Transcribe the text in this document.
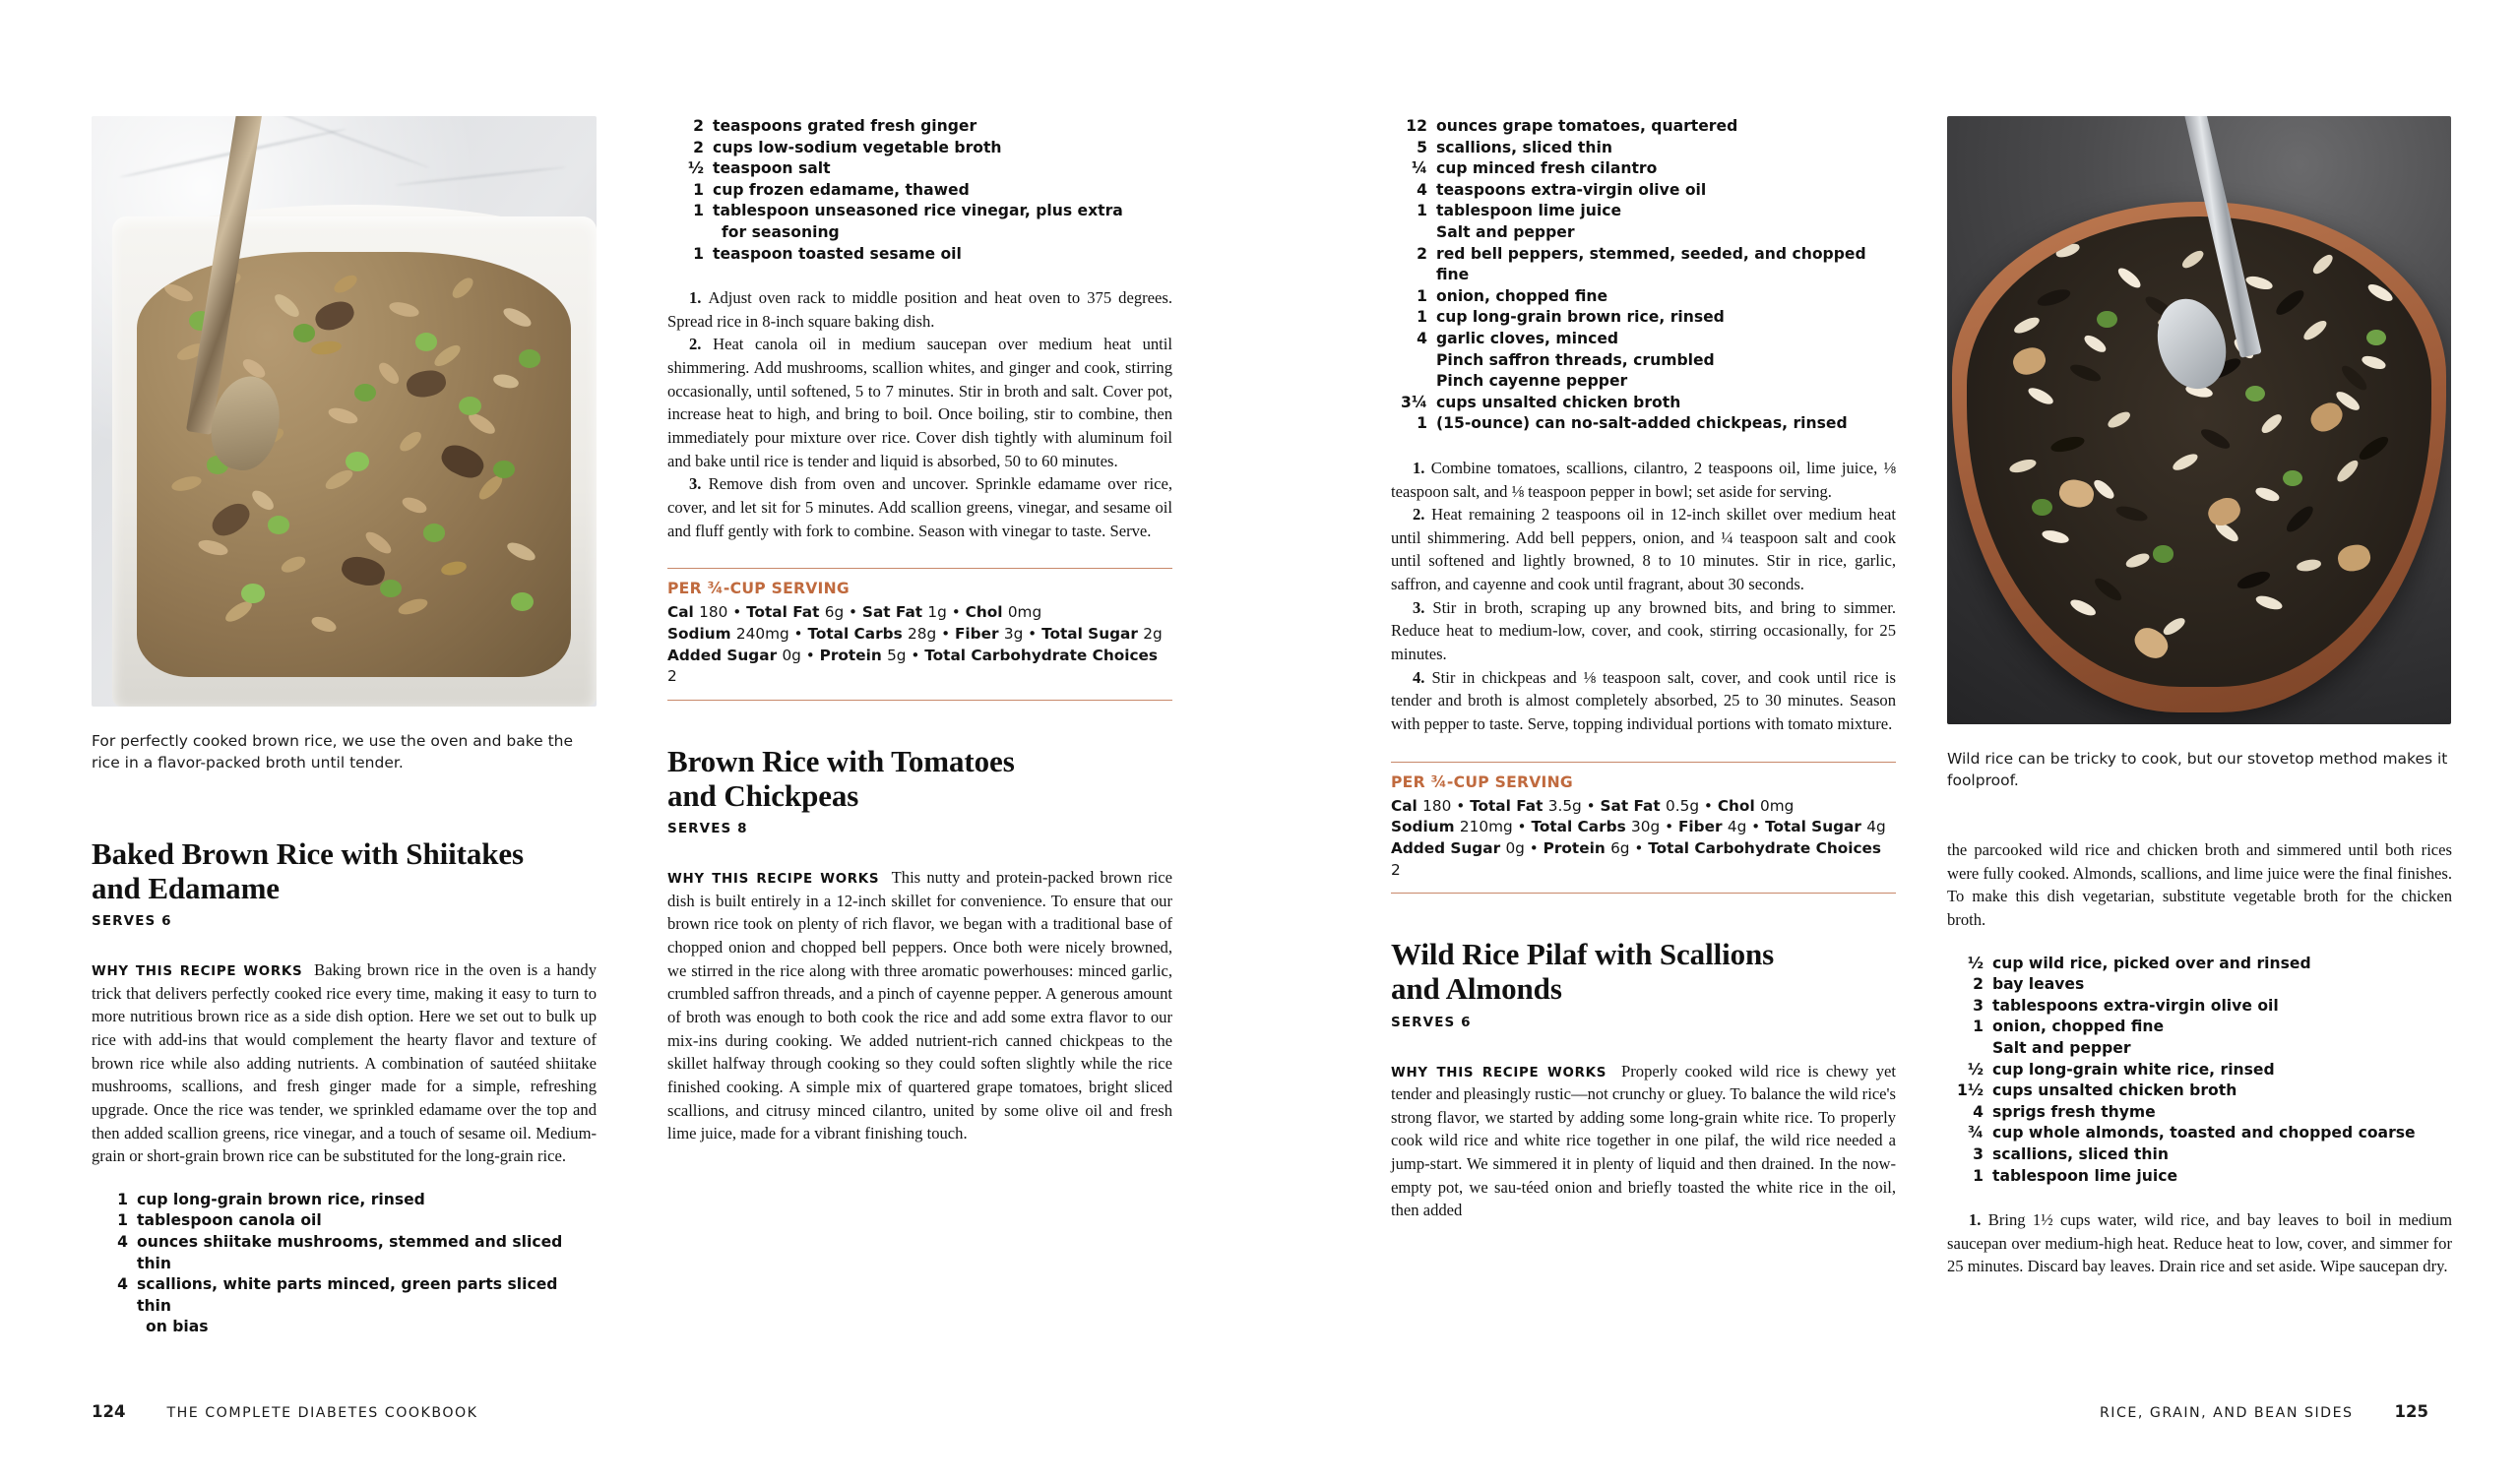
For perfectly cooked brown rice, we use the oven and bake the rice in a flavor-packed broth until tender.	Wild rice can be tricky to cook, but our stovetop method makes it foolproof.
Baked Brown Rice with Shiitakes
and Edamame
SERVES 6

WHY THIS RECIPE WORKS Baking brown rice in the oven is a handy trick that delivers perfectly cooked rice every time, making it easy to turn to more nutritious brown rice as a side dish option. Here we set out to bulk up rice with add-ins that would complement the hearty flavor and texture of brown rice while also adding nutrients. A combination of sautéed shiitake mushrooms, scallions, and fresh ginger made for a simple, refreshing upgrade. Once the rice was tender, we sprinkled edamame over the top and then added scallion greens, rice vinegar, and a touch of sesame oil. Medium-grain or short-grain brown rice can be substituted for the long-grain rice.

1 cup long-grain brown rice, rinsed
1 tablespoon canola oil
4 ounces shiitake mushrooms, stemmed and sliced thin
4 scallions, white parts minced, green parts sliced thin
on bias
2 teaspoons grated fresh ginger
2 cups low-sodium vegetable broth
½ teaspoon salt
1 cup frozen edamame, thawed
1 tablespoon unseasoned rice vinegar, plus extra
for seasoning
1 teaspoon toasted sesame oil

1. Adjust oven rack to middle position and heat oven to 375 degrees. Spread rice in 8-inch square baking dish.

2. Heat canola oil in medium saucepan over medium heat until shimmering. Add mushrooms, scallion whites, and ginger and cook, stirring occasionally, until softened, 5 to 7 minutes. Stir in broth and salt. Cover pot, increase heat to high, and bring to boil. Once boiling, stir to combine, then immediately pour mixture over rice. Cover dish tightly with aluminum foil and bake until rice is tender and liquid is absorbed, 50 to 60 minutes.

3. Remove dish from oven and uncover. Sprinkle edamame over rice, cover, and let sit for 5 minutes. Add scallion greens, vinegar, and sesame oil and fluff gently with fork to combine. Season with vinegar to taste. Serve.

PER ¾-CUP SERVING
Cal 180 • Total Fat 6g • Sat Fat 1g • Chol 0mg
Sodium 240mg • Total Carbs 28g • Fiber 3g • Total Sugar 2g
Added Sugar 0g • Protein 5g • Total Carbohydrate Choices 2
Brown Rice with Tomatoes
and Chickpeas
SERVES 8

WHY THIS RECIPE WORKS This nutty and protein-packed brown rice dish is built entirely in a 12-inch skillet for convenience. To ensure that our brown rice took on plenty of rich flavor, we began with a traditional base of chopped onion and chopped bell peppers. Once both were nicely browned, we stirred in the rice along with three aromatic powerhouses: minced garlic, crumbled saffron threads, and a pinch of cayenne pepper. A generous amount of broth was enough to both cook the rice and add some extra flavor to our mix-ins during cooking. We added nutrient-rich canned chickpeas to the skillet halfway through cooking so they could soften slightly while the rice finished cooking. A simple mix of quartered grape tomatoes, bright sliced scallions, and citrusy minced cilantro, united by some olive oil and fresh lime juice, made for a vibrant finishing touch.

12 ounces grape tomatoes, quartered
5 scallions, sliced thin
¼ cup minced fresh cilantro
4 teaspoons extra-virgin olive oil
1 tablespoon lime juice
Salt and pepper
2 red bell peppers, stemmed, seeded, and chopped fine
1 onion, chopped fine
1 cup long-grain brown rice, rinsed
4 garlic cloves, minced
Pinch saffron threads, crumbled
Pinch cayenne pepper
3¼ cups unsalted chicken broth
1 (15-ounce) can no-salt-added chickpeas, rinsed

1. Combine tomatoes, scallions, cilantro, 2 teaspoons oil, lime juice, ⅛ teaspoon salt, and ⅛ teaspoon pepper in bowl; set aside for serving.

2. Heat remaining 2 teaspoons oil in 12-inch skillet over medium heat until shimmering. Add bell peppers, onion, and ¼ teaspoon salt and cook until softened and lightly browned, 8 to 10 minutes. Stir in rice, garlic, saffron, and cayenne and cook until fragrant, about 30 seconds.

3. Stir in broth, scraping up any browned bits, and bring to simmer. Reduce heat to medium-low, cover, and cook, stirring occasionally, for 25 minutes.

4. Stir in chickpeas and ⅛ teaspoon salt, cover, and cook until rice is tender and broth is almost completely absorbed, 25 to 30 minutes. Season with pepper to taste. Serve, topping individual portions with tomato mixture.

PER ¾-CUP SERVING
Cal 180 • Total Fat 3.5g • Sat Fat 0.5g • Chol 0mg
Sodium 210mg • Total Carbs 30g • Fiber 4g • Total Sugar 4g
Added Sugar 0g • Protein 6g • Total Carbohydrate Choices 2
Wild Rice Pilaf with Scallions
and Almonds
SERVES 6

WHY THIS RECIPE WORKS Properly cooked wild rice is chewy yet tender and pleasingly rustic—not crunchy or gluey. To balance the wild rice's strong flavor, we started by adding some long-grain white rice. To properly cook wild rice and white rice together in one pilaf, the wild rice needed a jump-start. We simmered it in plenty of liquid and then drained. In the now-empty pot, we sau-téed onion and briefly toasted the white rice in the oil, then added

the parcooked wild rice and chicken broth and simmered until both rices were fully cooked. Almonds, scallions, and lime juice were the final finishes. To make this dish vegetarian, substitute vegetable broth for the chicken broth.

½ cup wild rice, picked over and rinsed
2 bay leaves
3 tablespoons extra-virgin olive oil
1 onion, chopped fine
Salt and pepper
½ cup long-grain white rice, rinsed
1½ cups unsalted chicken broth
4 sprigs fresh thyme
¾ cup whole almonds, toasted and chopped coarse
3 scallions, sliced thin
1 tablespoon lime juice

1. Bring 1½ cups water, wild rice, and bay leaves to boil in medium saucepan over medium-high heat. Reduce heat to low, cover, and simmer for 25 minutes. Discard bay leaves. Drain rice and set aside. Wipe saucepan dry.

124	THE COMPLETE DIABETES COOKBOOK	RICE, GRAIN, AND BEAN SIDES	125
